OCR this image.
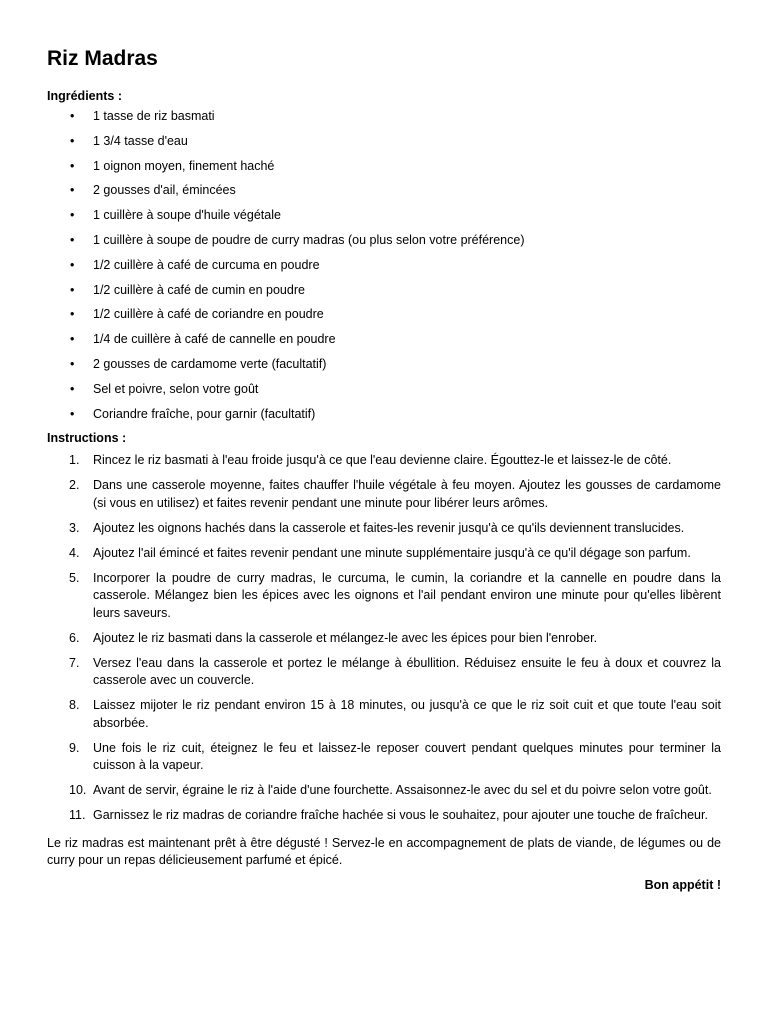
Riz Madras

Ingrédients :

• 1 tasse de riz basmati
• 1 3/4 tasse d'eau
• 1 oignon moyen, finement haché
• 2 gousses d'ail, émincées
• 1 cuillère à soupe d'huile végétale
• 1 cuillère à soupe de poudre de curry madras (ou plus selon votre préférence)
• 1/2 cuillère à café de curcuma en poudre
• 1/2 cuillère à café de cumin en poudre
• 1/2 cuillère à café de coriandre en poudre
• 1/4 de cuillère à café de cannelle en poudre
• 2 gousses de cardamome verte (facultatif)
• Sel et poivre, selon votre goût
• Coriandre fraîche, pour garnir (facultatif)

Instructions :

1.	Rincez le riz basmati à l'eau froide jusqu'à ce que l'eau devienne claire. Égouttez-le et laissez-le de côté.
2.	Dans une casserole moyenne, faites chauffer l'huile végétale à feu moyen. Ajoutez les gousses de cardamome (si vous en utilisez) et faites revenir pendant une minute pour libérer leurs arômes.
3.	Ajoutez les oignons hachés dans la casserole et faites-les revenir jusqu'à ce qu'ils deviennent translucides.
4.	Ajoutez l'ail émincé et faites revenir pendant une minute supplémentaire jusqu'à ce qu'il dégage son parfum.
5.	Incorporer la poudre de curry madras, le curcuma, le cumin, la coriandre et la cannelle en poudre dans la casserole. Mélangez bien les épices avec les oignons et l'ail pendant environ une minute pour qu'elles libèrent leurs saveurs.
6.	Ajoutez le riz basmati dans la casserole et mélangez-le avec les épices pour bien l'enrober.
7.	Versez l'eau dans la casserole et portez le mélange à ébullition. Réduisez ensuite le feu à doux et couvrez la casserole avec un couvercle.
8.	Laissez mijoter le riz pendant environ 15 à 18 minutes, ou jusqu'à ce que le riz soit cuit et que toute l'eau soit absorbée.
9.	Une fois le riz cuit, éteignez le feu et laissez-le reposer couvert pendant quelques minutes pour terminer la cuisson à la vapeur.
10. Avant de servir, égraine le riz à l'aide d'une fourchette. Assaisonnez-le avec du sel et du poivre selon votre goût.
11. Garnissez le riz madras de coriandre fraîche hachée si vous le souhaitez, pour ajouter une touche de fraîcheur.

Le riz madras est maintenant prêt à être dégusté ! Servez-le en accompagnement de plats de viande, de légumes ou de curry pour un repas délicieusement parfumé et épicé.

Bon appétit !
